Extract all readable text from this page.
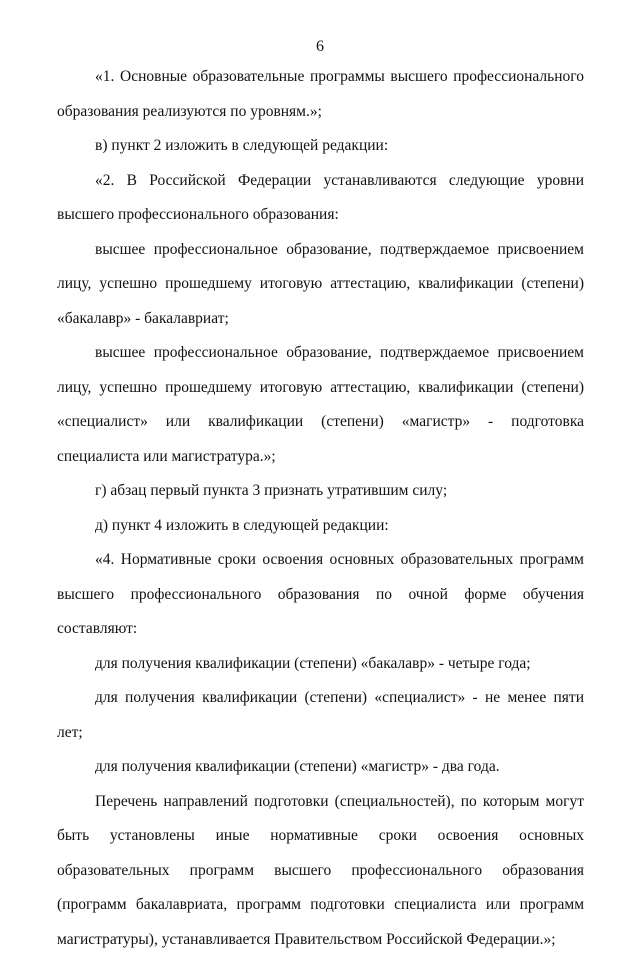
6

«1. Основные образовательные программы высшего профессионального образования реализуются по уровням.»;

в) пункт 2 изложить в следующей редакции:

«2. В Российской Федерации устанавливаются следующие уровни высшего профессионального образования:

высшее профессиональное образование, подтверждаемое присвоением лицу, успешно прошедшему итоговую аттестацию, квалификации (степени) «бакалавр» - бакалавриат;

высшее профессиональное образование, подтверждаемое присвоением лицу, успешно прошедшему итоговую аттестацию, квалификации (степени) «специалист» или квалификации (степени) «магистр» - подготовка специалиста или магистратура.»;

г) абзац первый пункта 3 признать утратившим силу;

д) пункт 4 изложить в следующей редакции:

«4. Нормативные сроки освоения основных образовательных программ высшего профессионального образования по очной форме обучения составляют:

для получения квалификации (степени) «бакалавр» - четыре года;

для получения квалификации (степени) «специалист» - не менее пяти лет;

для получения квалификации (степени) «магистр» - два года.

Перечень направлений подготовки (специальностей), по которым могут быть установлены иные нормативные сроки освоения основных образовательных программ высшего профессионального образования (программ бакалавриата, программ подготовки специалиста или программ магистратуры), устанавливается Правительством Российской Федерации.»;
